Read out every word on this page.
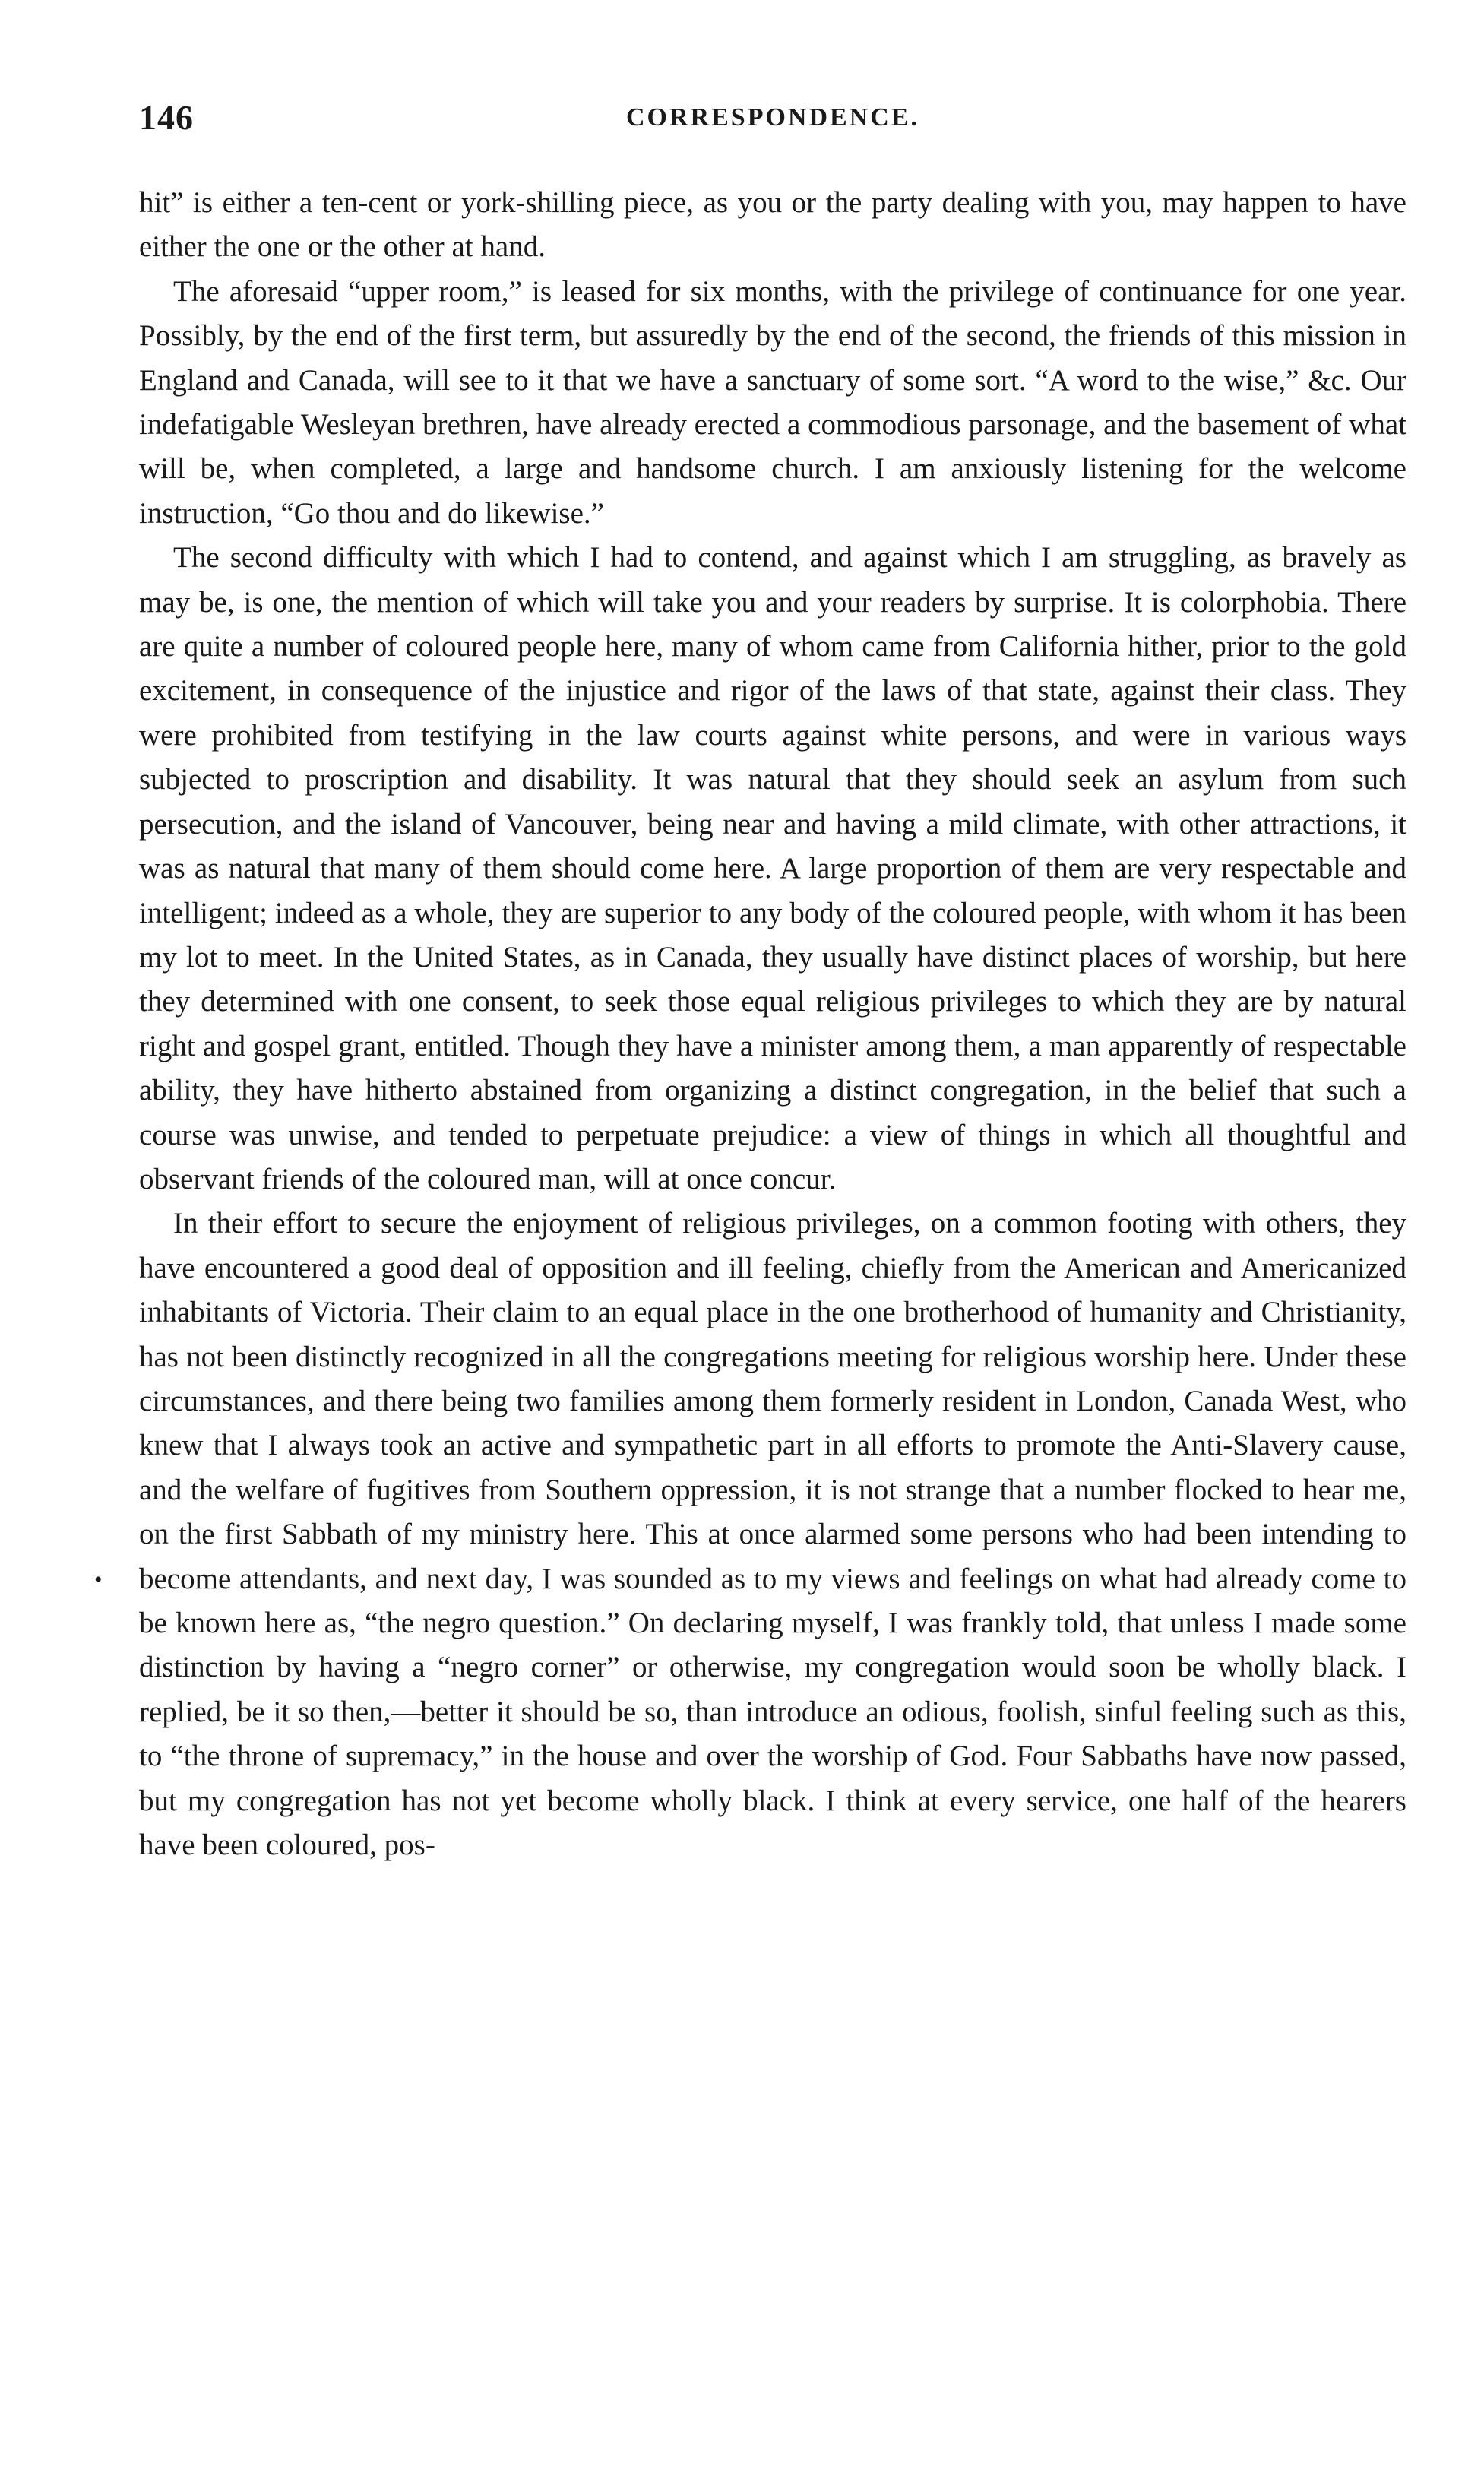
146	CORRESPONDENCE.
•

hit” is either a ten-cent or york-shilling piece, as you or the party dealing with you, may happen to have either the one or the other at hand.

The aforesaid “upper room,” is leased for six months, with the privilege of continuance for one year. Possibly, by the end of the first term, but assuredly by the end of the second, the friends of this mission in England and Canada, will see to it that we have a sanctuary of some sort. “A word to the wise,” &c. Our indefatigable Wesleyan brethren, have already erected a commodious parsonage, and the basement of what will be, when completed, a large and handsome church. I am anxiously listening for the welcome instruction, “Go thou and do likewise.”

The second difficulty with which I had to contend, and against which I am struggling, as bravely as may be, is one, the mention of which will take you and your readers by surprise. It is colorphobia. There are quite a number of coloured people here, many of whom came from California hither, prior to the gold excitement, in consequence of the injustice and rigor of the laws of that state, against their class. They were prohibited from testifying in the law courts against white persons, and were in various ways subjected to proscription and disability. It was natural that they should seek an asylum from such persecution, and the island of Vancouver, being near and having a mild climate, with other attractions, it was as natural that many of them should come here. A large proportion of them are very respectable and intelligent; indeed as a whole, they are superior to any body of the coloured people, with whom it has been my lot to meet. In the United States, as in Canada, they usually have distinct places of worship, but here they determined with one consent, to seek those equal religious privileges to which they are by natural right and gospel grant, entitled. Though they have a minister among them, a man apparently of respectable ability, they have hitherto abstained from organizing a distinct congregation, in the belief that such a course was unwise, and tended to perpetuate prejudice: a view of things in which all thoughtful and observant friends of the coloured man, will at once concur.

In their effort to secure the enjoyment of religious privileges, on a common footing with others, they have encountered a good deal of opposition and ill feeling, chiefly from the American and Americanized inhabitants of Victoria. Their claim to an equal place in the one brotherhood of humanity and Christianity, has not been distinctly recognized in all the congregations meeting for religious worship here. Under these circumstances, and there being two families among them formerly resident in London, Canada West, who knew that I always took an active and sympathetic part in all efforts to promote the Anti-Slavery cause, and the welfare of fugitives from Southern oppression, it is not strange that a number flocked to hear me, on the first Sabbath of my ministry here. This at once alarmed some persons who had been intending to become attendants, and next day, I was sounded as to my views and feelings on what had already come to be known here as, “the negro question.” On declaring myself, I was frankly told, that unless I made some distinction by having a “negro corner” or otherwise, my congregation would soon be wholly black. I replied, be it so then,—better it should be so, than introduce an odious, foolish, sinful feeling such as this, to “the throne of supremacy,” in the house and over the worship of God. Four Sabbaths have now passed, but my congregation has not yet become wholly black. I think at every service, one half of the hearers have been coloured, pos-
